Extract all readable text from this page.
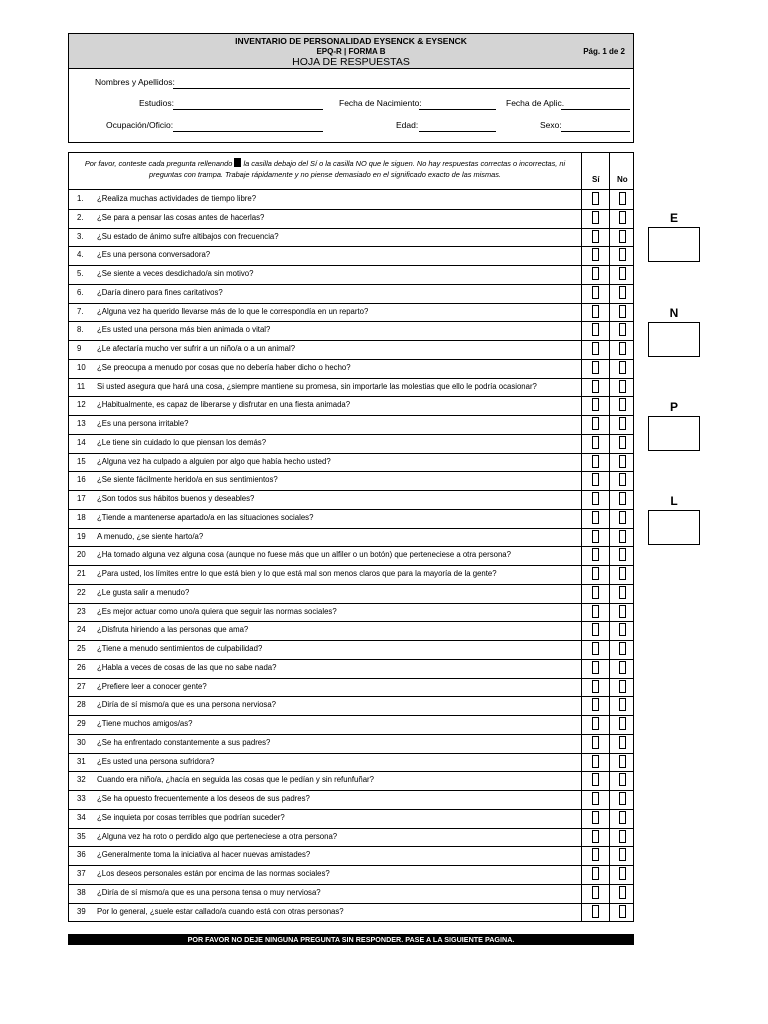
INVENTARIO DE PERSONALIDAD EYSENCK & EYSENCK
EPQ-R | FORMA B
HOJA DE RESPUESTAS
Pág. 1 de 2
Nombres y Apellidos:
Estudios:	Fecha de Nacimiento:	Fecha de Aplic.
Ocupación/Oficio:	Edad:	Sexo:
Por favor, conteste cada pregunta rellenando la casilla debajo del Sí o la casilla NO que le siguen. No hay respuestas correctas o incorrectas, ni preguntas con trampa. Trabaje rápidamente y no piense demasiado en el significado exacto de las mismas.
Sí No
1. ¿Realiza muchas actividades de tiempo libre?
2. ¿Se para a pensar las cosas antes de hacerlas?
3. ¿Su estado de ánimo sufre altibajos con frecuencia?
4. ¿Es una persona conversadora?
5. ¿Se siente a veces desdichado/a sin motivo?
6. ¿Daría dinero para fines caritativos?
7. ¿Alguna vez ha querido llevarse más de lo que le correspondía en un reparto?
8. ¿Es usted una persona más bien animada o vital?
9 ¿Le afectaría mucho ver sufrir a un niño/a o a un animal?
10 ¿Se preocupa a menudo por cosas que no debería haber dicho o hecho?
11 Si usted asegura que hará una cosa, ¿siempre mantiene su promesa, sin importarle las molestias que ello le podría ocasionar?
12 ¿Habitualmente, es capaz de liberarse y disfrutar en una fiesta animada?
13 ¿Es una persona irritable?
14 ¿Le tiene sin cuidado lo que piensan los demás?
15 ¿Alguna vez ha culpado a alguien por algo que había hecho usted?
16 ¿Se siente fácilmente herido/a en sus sentimientos?
17 ¿Son todos sus hábitos buenos y deseables?
18 ¿Tiende a mantenerse apartado/a en las situaciones sociales?
19 A menudo, ¿se siente harto/a?
20 ¿Ha tomado alguna vez alguna cosa (aunque no fuese más que un alfiler o un botón) que perteneciese a otra persona?
21 ¿Para usted, los límites entre lo que está bien y lo que está mal son menos claros que para la mayoría de la gente?
22 ¿Le gusta salir a menudo?
23 ¿Es mejor actuar como uno/a quiera que seguir las normas sociales?
24 ¿Disfruta hiriendo a las personas que ama?
25 ¿Tiene a menudo sentimientos de culpabilidad?
26 ¿Habla a veces de cosas de las que no sabe nada?
27 ¿Prefiere leer a conocer gente?
28 ¿Diría de sí mismo/a que es una persona nerviosa?
29 ¿Tiene muchos amigos/as?
30 ¿Se ha enfrentado constantemente a sus padres?
31 ¿Es usted una persona sufridora?
32 Cuando era niño/a, ¿hacía en seguida las cosas que le pedían y sin refunfuñar?
33 ¿Se ha opuesto frecuentemente a los deseos de sus padres?
34 ¿Se inquieta por cosas terribles que podrían suceder?
35 ¿Alguna vez ha roto o perdido algo que perteneciese a otra persona?
36 ¿Generalmente toma la iniciativa al hacer nuevas amistades?
37 ¿Los deseos personales están por encima de las normas sociales?
38 ¿Diría de sí mismo/a que es una persona tensa o muy nerviosa?
39 Por lo general, ¿suele estar callado/a cuando está con otras personas?
E
N
P
L
POR FAVOR NO DEJE NINGUNA PREGUNTA SIN RESPONDER. PASE A LA SIGUIENTE PAGINA.
